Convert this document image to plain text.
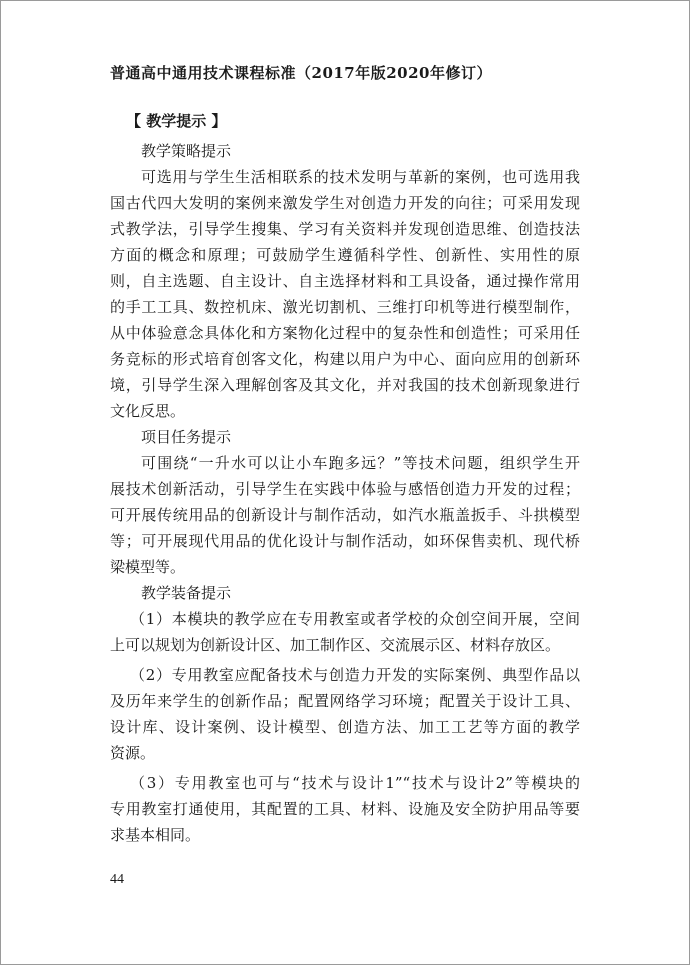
普通高中通用技术课程标准（2017年版2020年修订）
【 教学提示 】
教学策略提示
可选用与学生生活相联系的技术发明与革新的案例，也可选用我
国古代四大发明的案例来激发学生对创造力开发的向往；可采用发现
式教学法，引导学生搜集、学习有关资料并发现创造思维、创造技法
方面的概念和原理；可鼓励学生遵循科学性、创新性、实用性的原
则，自主选题、自主设计、自主选择材料和工具设备，通过操作常用
的手工工具、数控机床、激光切割机、三维打印机等进行模型制作，
从中体验意念具体化和方案物化过程中的复杂性和创造性；可采用任
务竞标的形式培育创客文化，构建以用户为中心、面向应用的创新环
境，引导学生深入理解创客及其文化，并对我国的技术创新现象进行
文化反思。
项目任务提示
可围绕“一升水可以让小车跑多远？”等技术问题，组织学生开
展技术创新活动，引导学生在实践中体验与感悟创造力开发的过程；
可开展传统用品的创新设计与制作活动，如汽水瓶盖扳手、斗拱模型
等；可开展现代用品的优化设计与制作活动，如环保售卖机、现代桥
梁模型等。
教学装备提示
（1）本模块的教学应在专用教室或者学校的众创空间开展，空间
上可以规划为创新设计区、加工制作区、交流展示区、材料存放区。
（2）专用教室应配备技术与创造力开发的实际案例、典型作品以
及历年来学生的创新作品；配置网络学习环境；配置关于设计工具、
设计库、设计案例、设计模型、创造方法、加工工艺等方面的教学
资源。
（3）专用教室也可与“技术与设计1”“技术与设计2”等模块的
专用教室打通使用，其配置的工具、材料、设施及安全防护用品等要
求基本相同。
44
